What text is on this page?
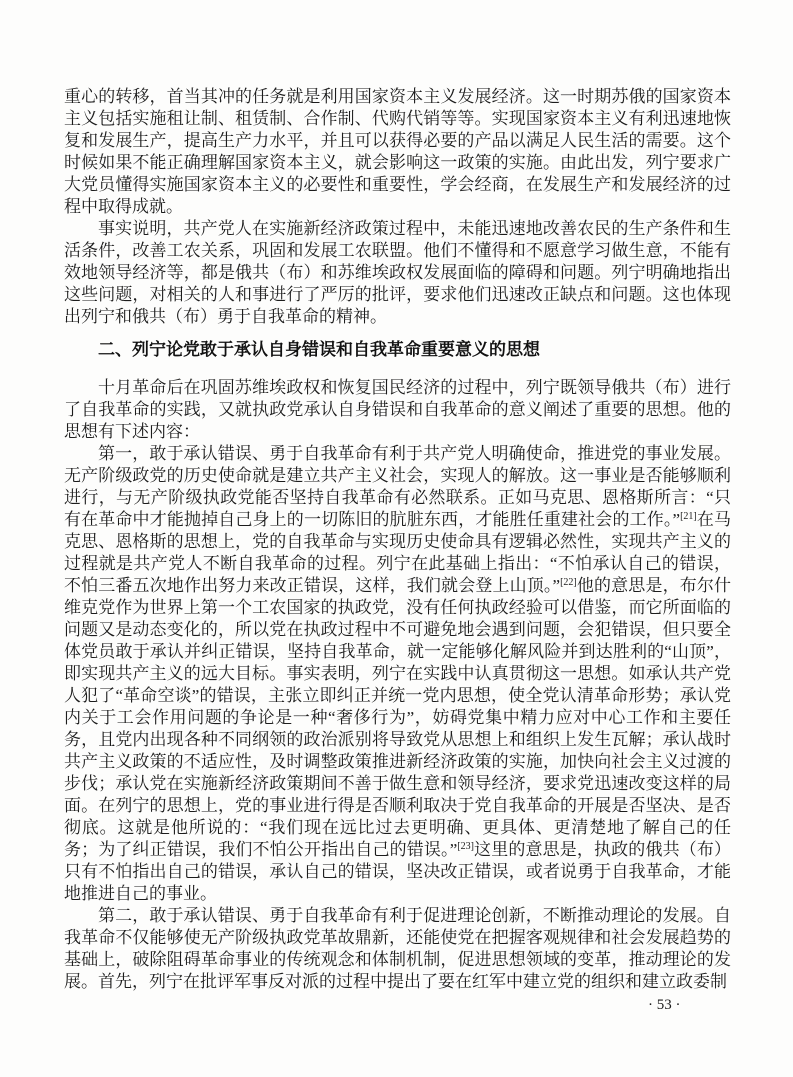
重心的转移，首当其冲的任务就是利用国家资本主义发展经济。这一时期苏俄的国家资本主义包括实施租让制、租赁制、合作制、代购代销等等。实现国家资本主义有利迅速地恢复和发展生产，提高生产力水平，并且可以获得必要的产品以满足人民生活的需要。这个时候如果不能正确理解国家资本主义，就会影响这一政策的实施。由此出发，列宁要求广大党员懂得实施国家资本主义的必要性和重要性，学会经商，在发展生产和发展经济的过程中取得成就。

事实说明，共产党人在实施新经济政策过程中，未能迅速地改善农民的生产条件和生活条件，改善工农关系，巩固和发展工农联盟。他们不懂得和不愿意学习做生意，不能有效地领导经济等，都是俄共（布）和苏维埃政权发展面临的障碍和问题。列宁明确地指出这些问题，对相关的人和事进行了严厉的批评，要求他们迅速改正缺点和问题。这也体现出列宁和俄共（布）勇于自我革命的精神。

二、列宁论党敢于承认自身错误和自我革命重要意义的思想

十月革命后在巩固苏维埃政权和恢复国民经济的过程中，列宁既领导俄共（布）进行了自我革命的实践，又就执政党承认自身错误和自我革命的意义阐述了重要的思想。他的思想有下述内容：

第一，敢于承认错误、勇于自我革命有利于共产党人明确使命，推进党的事业发展。无产阶级政党的历史使命就是建立共产主义社会，实现人的解放。这一事业是否能够顺利进行，与无产阶级执政党能否坚持自我革命有必然联系。正如马克思、恩格斯所言：“只有在革命中才能抛掉自己身上的一切陈旧的肮脏东西，才能胜任重建社会的工作。”[21]在马克思、恩格斯的思想上，党的自我革命与实现历史使命具有逻辑必然性，实现共产主义的过程就是共产党人不断自我革命的过程。列宁在此基础上指出：“不怕承认自己的错误，不怕三番五次地作出努力来改正错误，这样，我们就会登上山顶。”[22]他的意思是，布尔什维克党作为世界上第一个工农国家的执政党，没有任何执政经验可以借鉴，而它所面临的问题又是动态变化的，所以党在执政过程中不可避免地会遇到问题，会犯错误，但只要全体党员敢于承认并纠正错误，坚持自我革命，就一定能够化解风险并到达胜利的“山顶”，即实现共产主义的远大目标。事实表明，列宁在实践中认真贯彻这一思想。如承认共产党人犯了“革命空谈”的错误，主张立即纠正并统一党内思想，使全党认清革命形势；承认党内关于工会作用问题的争论是一种“奢侈行为”，妨碍党集中精力应对中心工作和主要任务，且党内出现各种不同纲领的政治派别将导致党从思想上和组织上发生瓦解；承认战时共产主义政策的不适应性，及时调整政策推进新经济政策的实施，加快向社会主义过渡的步伐；承认党在实施新经济政策期间不善于做生意和领导经济，要求党迅速改变这样的局面。在列宁的思想上，党的事业进行得是否顺利取决于党自我革命的开展是否坚决、是否彻底。这就是他所说的：“我们现在远比过去更明确、更具体、更清楚地了解自己的任务；为了纠正错误，我们不怕公开指出自己的错误。”[23]这里的意思是，执政的俄共（布）只有不怕指出自己的错误，承认自己的错误，坚决改正错误，或者说勇于自我革命，才能地推进自己的事业。

第二，敢于承认错误、勇于自我革命有利于促进理论创新，不断推动理论的发展。自我革命不仅能够使无产阶级执政党革故鼎新，还能使党在把握客观规律和社会发展趋势的基础上，破除阻碍革命事业的传统观念和体制机制，促进思想领域的变革，推动理论的发展。首先，列宁在批评军事反对派的过程中提出了要在红军中建立党的组织和建立政委制

· 53 ·
